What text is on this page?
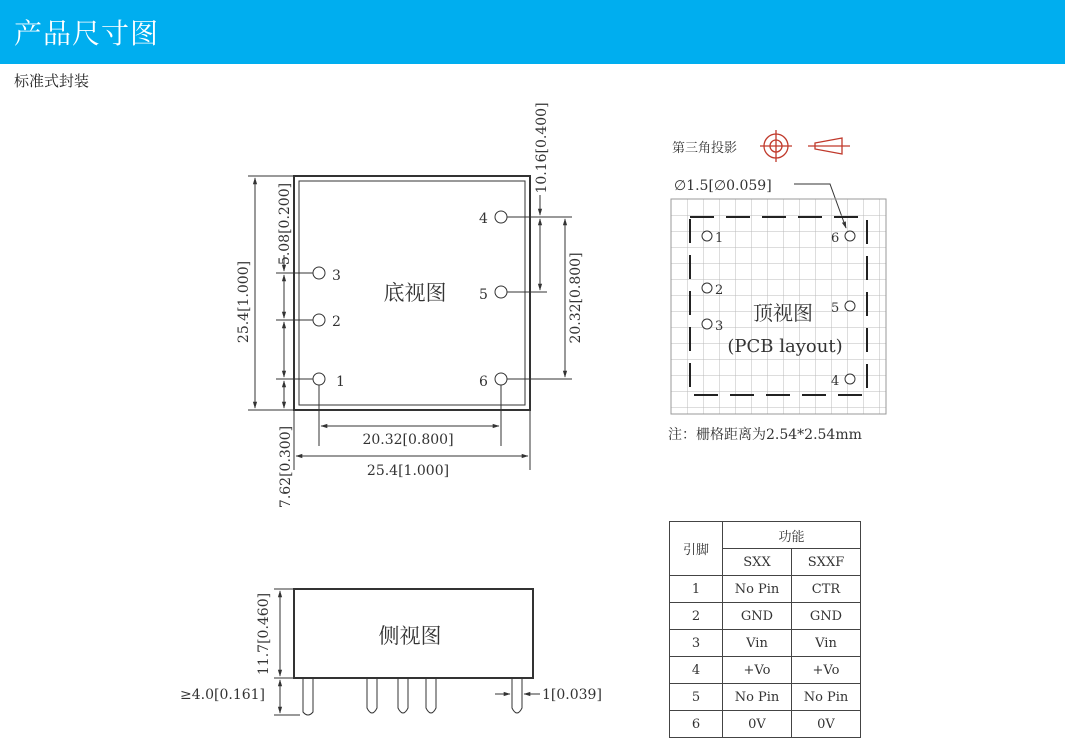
产品尺寸图
标准式封装
底视图
1
2
3
4
5
6
25.4[1.000]
5.08[0.200]
10.16[0.400]
20.32[0.800]
20.32[0.800]
25.4[1.000]
7.62[0.300]
第三角投影
∅1.5[∅0.059]
1
2
3
4
5
6
顶视图
(PCB layout)
注：栅格距离为2.54*2.54mm
侧视图
11.7[0.460]
≥4.0[0.161]	1[0.039]
引脚	功能	
	SXX	SXXF
1	No Pin	CTR
2	GND	GND
3	Vin	Vin
4	+Vo	+Vo
5	No Pin	No Pin
6	0V	0V
